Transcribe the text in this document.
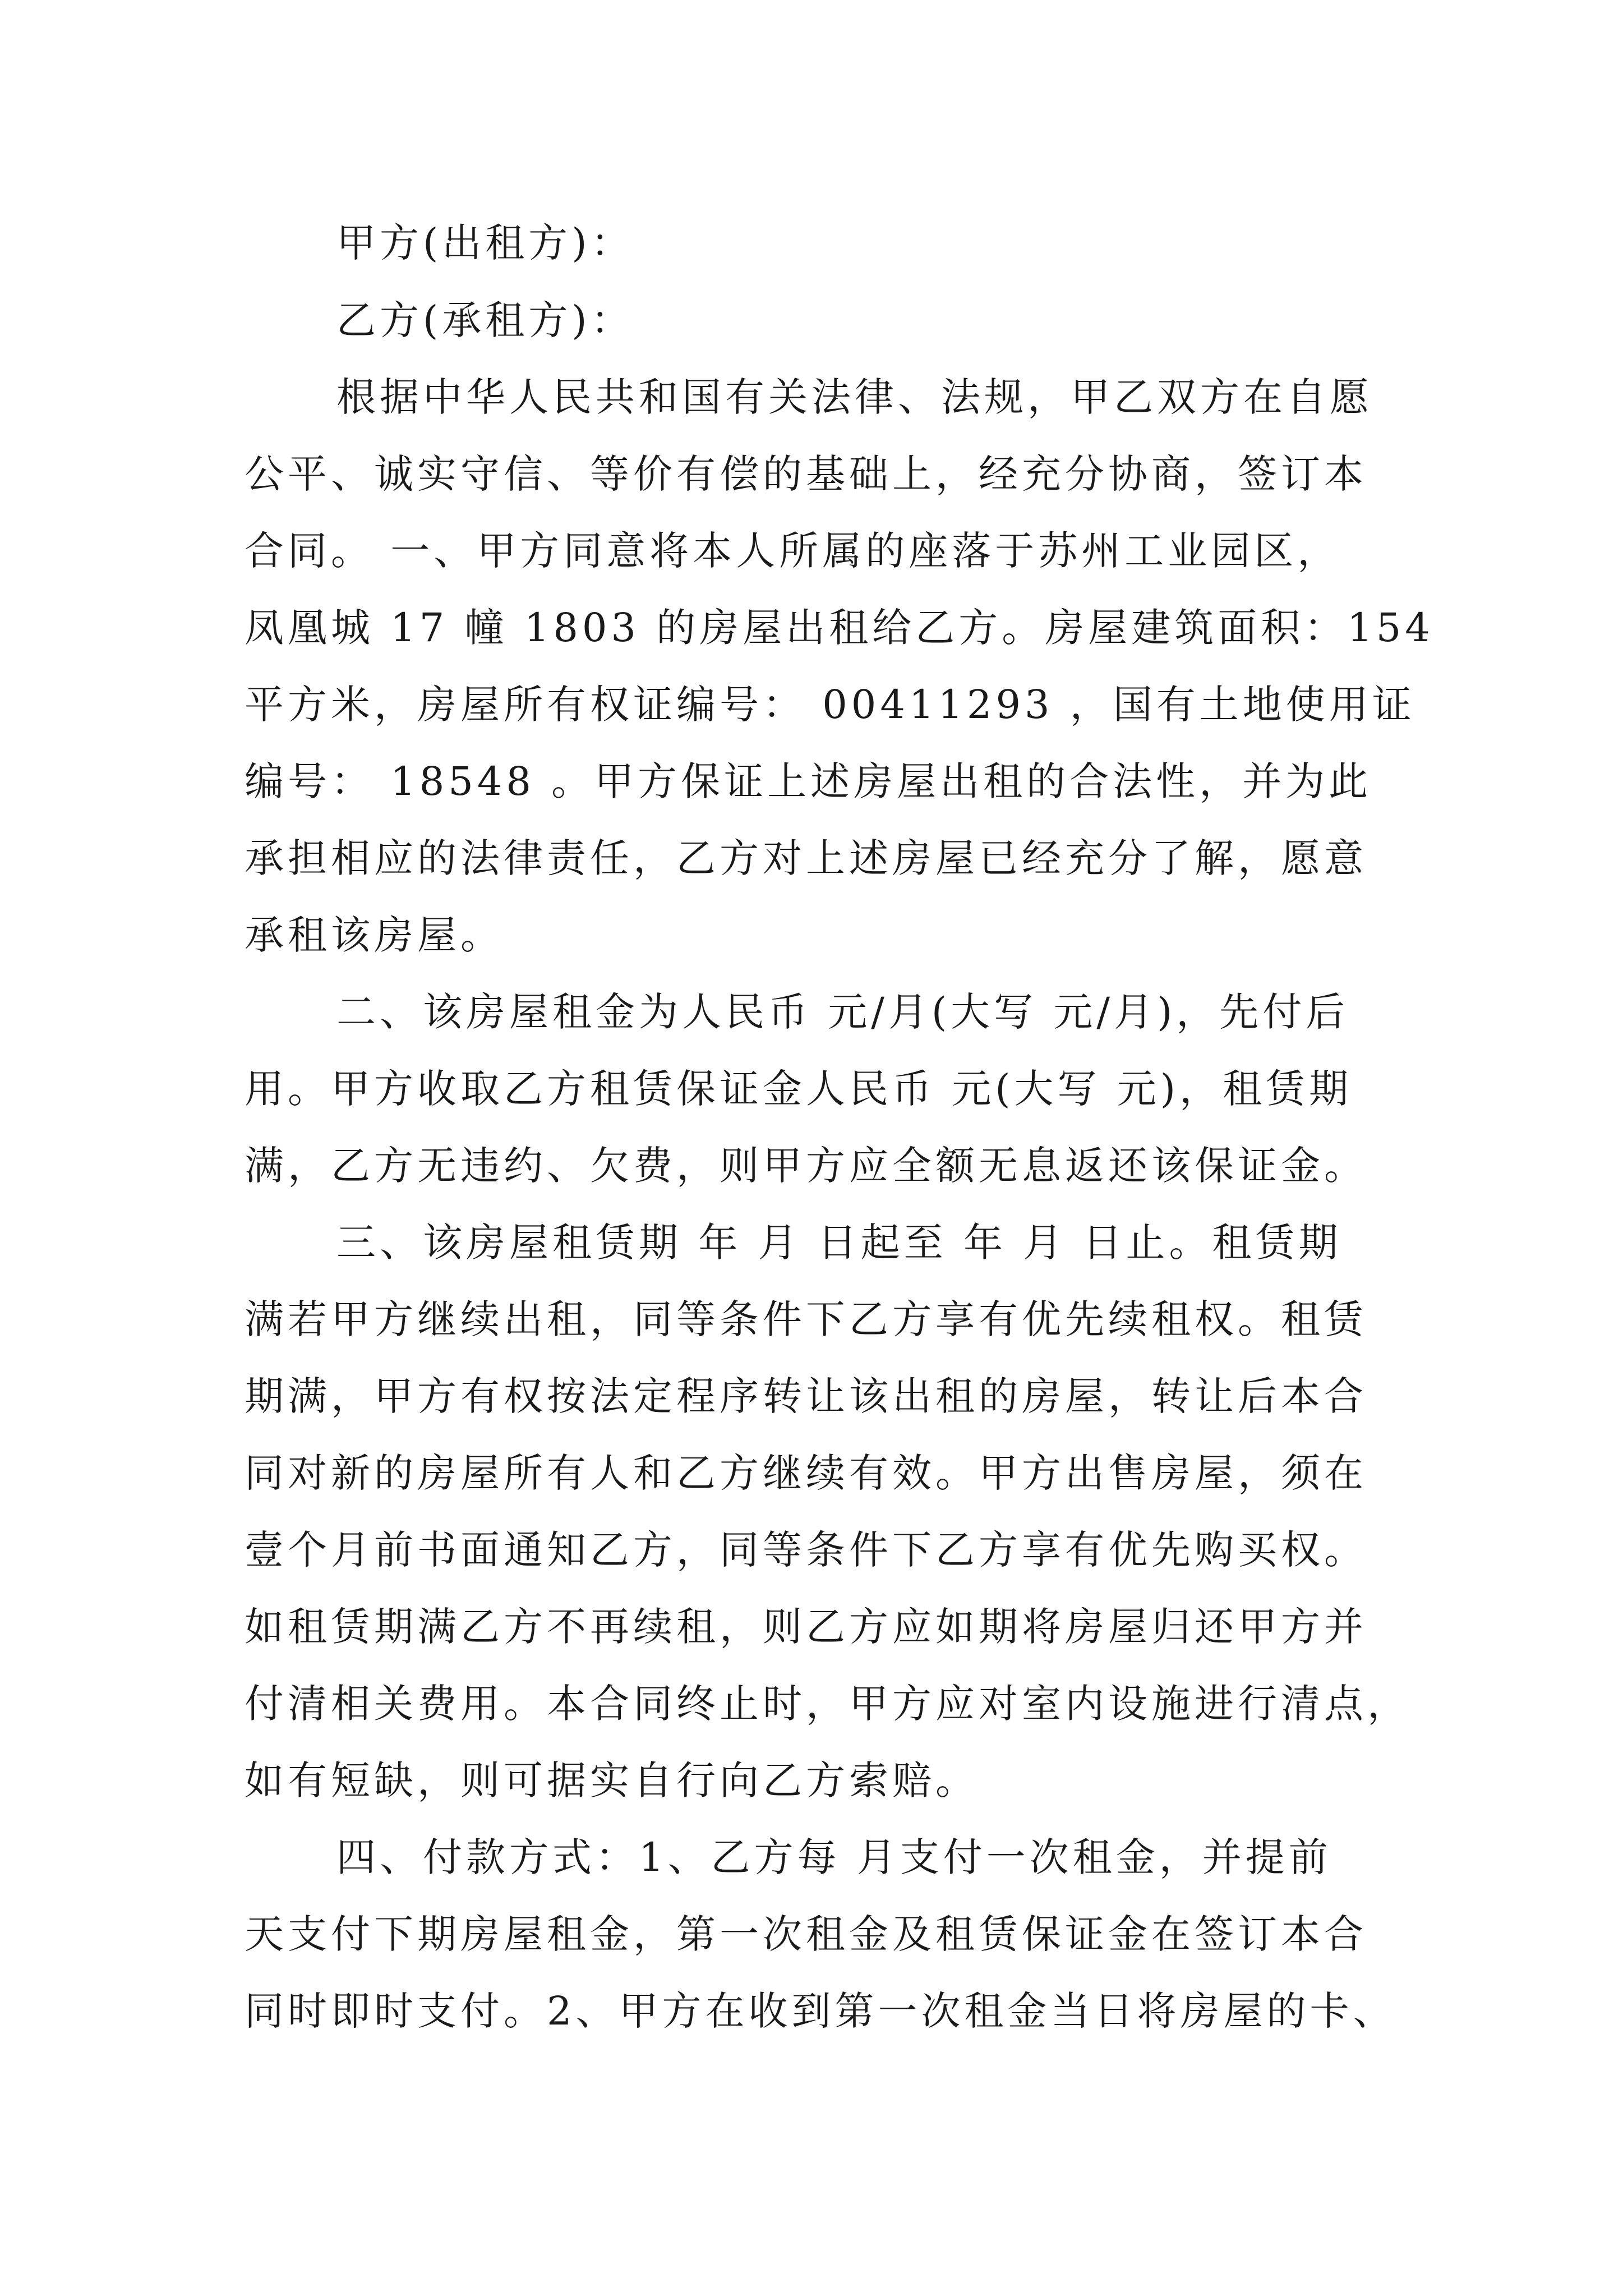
甲方(出租方)：
乙方(承租方)：
根据中华人民共和国有关法律、法规，甲乙双方在自愿
公平、诚实守信、等价有偿的基础上，经充分协商，签订本
合同。 一、甲方同意将本人所属的座落于苏州工业园区，
凤凰城 17 幢 1803 的房屋出租给乙方。房屋建筑面积：154
平方米，房屋所有权证编号： 00411293 ，国有土地使用证
编号： 18548 。甲方保证上述房屋出租的合法性，并为此
承担相应的法律责任，乙方对上述房屋已经充分了解，愿意
承租该房屋。
二、该房屋租金为人民币 元/月(大写 元/月)，先付后
用。甲方收取乙方租赁保证金人民币 元(大写 元)，租赁期
满，乙方无违约、欠费，则甲方应全额无息返还该保证金。
三、该房屋租赁期 年 月 日起至 年 月 日止。租赁期
满若甲方继续出租，同等条件下乙方享有优先续租权。租赁
期满，甲方有权按法定程序转让该出租的房屋，转让后本合
同对新的房屋所有人和乙方继续有效。甲方出售房屋，须在
壹个月前书面通知乙方，同等条件下乙方享有优先购买权。
如租赁期满乙方不再续租，则乙方应如期将房屋归还甲方并
付清相关费用。本合同终止时，甲方应对室内设施进行清点，
如有短缺，则可据实自行向乙方索赔。
四、付款方式：1、乙方每 月支付一次租金，并提前
天支付下期房屋租金，第一次租金及租赁保证金在签订本合
同时即时支付。2、甲方在收到第一次租金当日将房屋的卡、
